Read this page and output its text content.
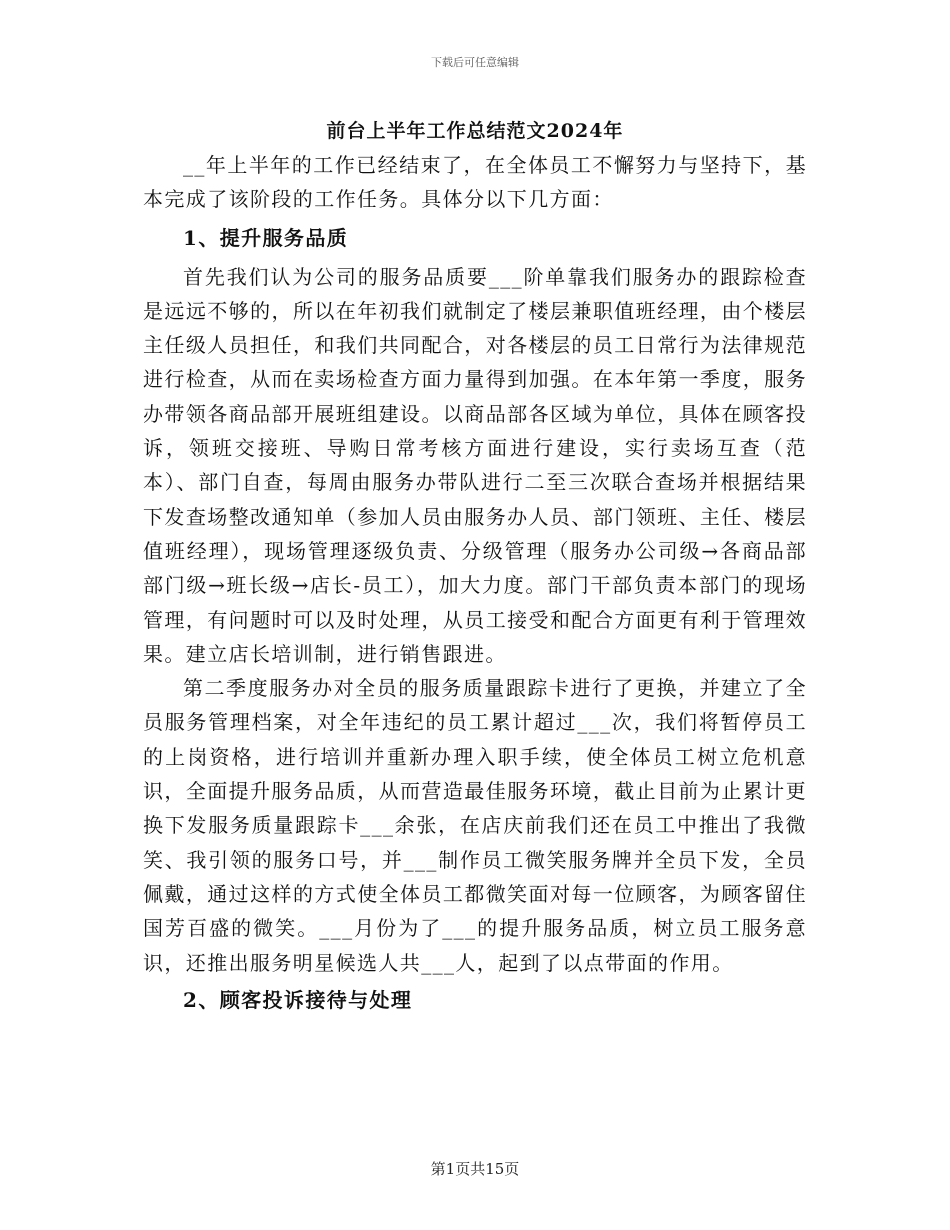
下载后可任意编辑
前台上半年工作总结范文2024年

__年上半年的工作已经结束了，在全体员工不懈努力与坚持下，基本完成了该阶段的工作任务。具体分以下几方面：

1、提升服务品质

首先我们认为公司的服务品质要___阶单靠我们服务办的跟踪检查是远远不够的，所以在年初我们就制定了楼层兼职值班经理，由个楼层主任级人员担任，和我们共同配合，对各楼层的员工日常行为法律规范进行检查，从而在卖场检查方面力量得到加强。在本年第一季度，服务办带领各商品部开展班组建设。以商品部各区域为单位，具体在顾客投诉，领班交接班、导购日常考核方面进行建设，实行卖场互查（范本）、部门自查，每周由服务办带队进行二至三次联合查场并根据结果下发查场整改通知单（参加人员由服务办人员、部门领班、主任、楼层值班经理），现场管理逐级负责、分级管理（服务办公司级→各商品部部门级→班长级→店长-员工），加大力度。部门干部负责本部门的现场管理，有问题时可以及时处理，从员工接受和配合方面更有利于管理效果。建立店长培训制，进行销售跟进。

第二季度服务办对全员的服务质量跟踪卡进行了更换，并建立了全员服务管理档案，对全年违纪的员工累计超过___次，我们将暂停员工的上岗资格，进行培训并重新办理入职手续，使全体员工树立危机意识，全面提升服务品质，从而营造最佳服务环境，截止目前为止累计更换下发服务质量跟踪卡___余张，在店庆前我们还在员工中推出了我微笑、我引领的服务口号，并___制作员工微笑服务牌并全员下发，全员佩戴，通过这样的方式使全体员工都微笑面对每一位顾客，为顾客留住国芳百盛的微笑。___月份为了___的提升服务品质，树立员工服务意识，还推出服务明星候选人共___人，起到了以点带面的作用。

2、顾客投诉接待与处理
第1页共15页
